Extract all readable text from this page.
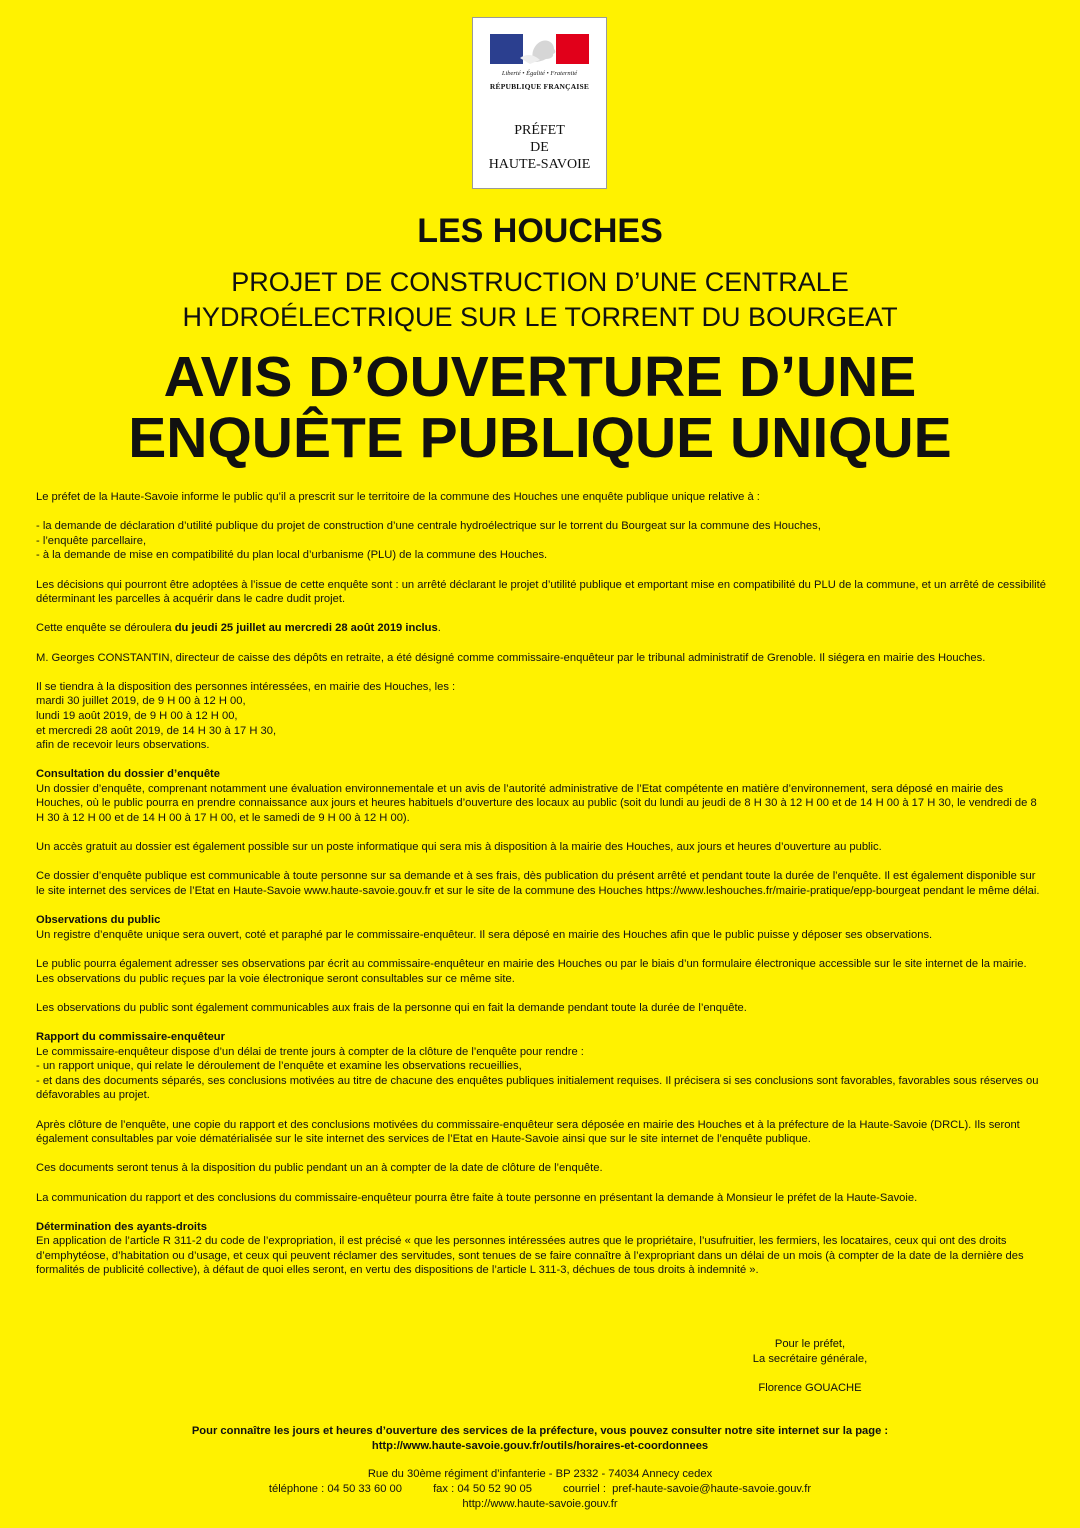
Liberté • Égalité • Fraternité
RÉPUBLIQUE FRANÇAISE
PRÉFET
DE
HAUTE-SAVOIE
LES HOUCHES
PROJET DE CONSTRUCTION D’UNE CENTRALE
HYDROÉLECTRIQUE SUR LE TORRENT DU BOURGEAT
AVIS D’OUVERTURE D’UNE
ENQUÊTE PUBLIQUE UNIQUE

Le préfet de la Haute-Savoie informe le public qu’il a prescrit sur le territoire de la commune des Houches une enquête publique unique relative à :

- la demande de déclaration d’utilité publique du projet de construction d’une centrale hydroélectrique sur le torrent du Bourgeat sur la commune des Houches,
- l’enquête parcellaire,
- à la demande de mise en compatibilité du plan local d’urbanisme (PLU) de la commune des Houches.

Les décisions qui pourront être adoptées à l’issue de cette enquête sont : un arrêté déclarant le projet d’utilité publique et emportant mise en compatibilité du PLU de la commune, et un arrêté de cessibilité déterminant les parcelles à acquérir dans le cadre dudit projet.

Cette enquête se déroulera du jeudi 25 juillet au mercredi 28 août 2019 inclus.

M. Georges CONSTANTIN, directeur de caisse des dépôts en retraite, a été désigné comme commissaire-enquêteur par le tribunal administratif de Grenoble. Il siégera en mairie des Houches.

Il se tiendra à la disposition des personnes intéressées, en mairie des Houches, les :
mardi 30 juillet 2019, de 9 H 00 à 12 H 00,
lundi 19 août 2019, de 9 H 00 à 12 H 00,
et mercredi 28 août 2019, de 14 H 30 à 17 H 30,
afin de recevoir leurs observations.

Consultation du dossier d’enquête
Un dossier d’enquête, comprenant notamment une évaluation environnementale et un avis de l’autorité administrative de l’Etat compétente en matière d’environnement, sera déposé en mairie des Houches, où le public pourra en prendre connaissance aux jours et heures habituels d’ouverture des locaux au public (soit du lundi au jeudi de 8 H 30 à 12 H 00 et de 14 H 00 à 17 H 30, le vendredi de 8 H 30 à 12 H 00 et de 14 H 00 à 17 H 00, et le samedi de 9 H 00 à 12 H 00).

Un accès gratuit au dossier est également possible sur un poste informatique qui sera mis à disposition à la mairie des Houches, aux jours et heures d’ouverture au public.

Ce dossier d’enquête publique est communicable à toute personne sur sa demande et à ses frais, dès publication du présent arrêté et pendant toute la durée de l’enquête. Il est également disponible sur le site internet des services de l’Etat en Haute-Savoie www.haute-savoie.gouv.fr et sur le site de la commune des Houches https://www.leshouches.fr/mairie-pratique/epp-bourgeat pendant le même délai.

Observations du public
Un registre d’enquête unique sera ouvert, coté et paraphé par le commissaire-enquêteur. Il sera déposé en mairie des Houches afin que le public puisse y déposer ses observations.

Le public pourra également adresser ses observations par écrit au commissaire-enquêteur en mairie des Houches ou par le biais d’un formulaire électronique accessible sur le site internet de la mairie.
Les observations du public reçues par la voie électronique seront consultables sur ce même site.

Les observations du public sont également communicables aux frais de la personne qui en fait la demande pendant toute la durée de l’enquête.

Rapport du commissaire-enquêteur
Le commissaire-enquêteur dispose d’un délai de trente jours à compter de la clôture de l’enquête pour rendre :
- un rapport unique, qui relate le déroulement de l’enquête et examine les observations recueillies,
- et dans des documents séparés, ses conclusions motivées au titre de chacune des enquêtes publiques initialement requises. Il précisera si ses conclusions sont favorables, favorables sous réserves ou défavorables au projet.

Après clôture de l’enquête, une copie du rapport et des conclusions motivées du commissaire-enquêteur sera déposée en mairie des Houches et à la préfecture de la Haute-Savoie (DRCL). Ils seront également consultables par voie dématérialisée sur le site internet des services de l’Etat en Haute-Savoie ainsi que sur le site internet de l’enquête publique.

Ces documents seront tenus à la disposition du public pendant un an à compter de la date de clôture de l’enquête.

La communication du rapport et des conclusions du commissaire-enquêteur pourra être faite à toute personne en présentant la demande à Monsieur le préfet de la Haute-Savoie.

Détermination des ayants-droits
En application de l’article R 311-2 du code de l’expropriation, il est précisé « que les personnes intéressées autres que le propriétaire, l’usufruitier, les fermiers, les locataires, ceux qui ont des droits d’emphytéose, d’habitation ou d’usage, et ceux qui peuvent réclamer des servitudes, sont tenues de se faire connaître à l’expropriant dans un délai de un mois (à compter de la date de la dernière des formalités de publicité collective), à défaut de quoi elles seront, en vertu des dispositions de l’article L 311-3, déchues de tous droits à indemnité ».

Pour le préfet,
La secrétaire générale,
Florence GOUACHE
Pour connaître les jours et heures d’ouverture des services de la préfecture, vous pouvez consulter notre site internet sur la page :
http://www.haute-savoie.gouv.fr/outils/horaires-et-coordonnees
Rue du 30ème régiment d’infanterie - BP 2332 - 74034 Annecy cedex
téléphone : 04 50 33 60 00          fax : 04 50 52 90 05          courriel :  pref-haute-savoie@haute-savoie.gouv.fr
http://www.haute-savoie.gouv.fr
